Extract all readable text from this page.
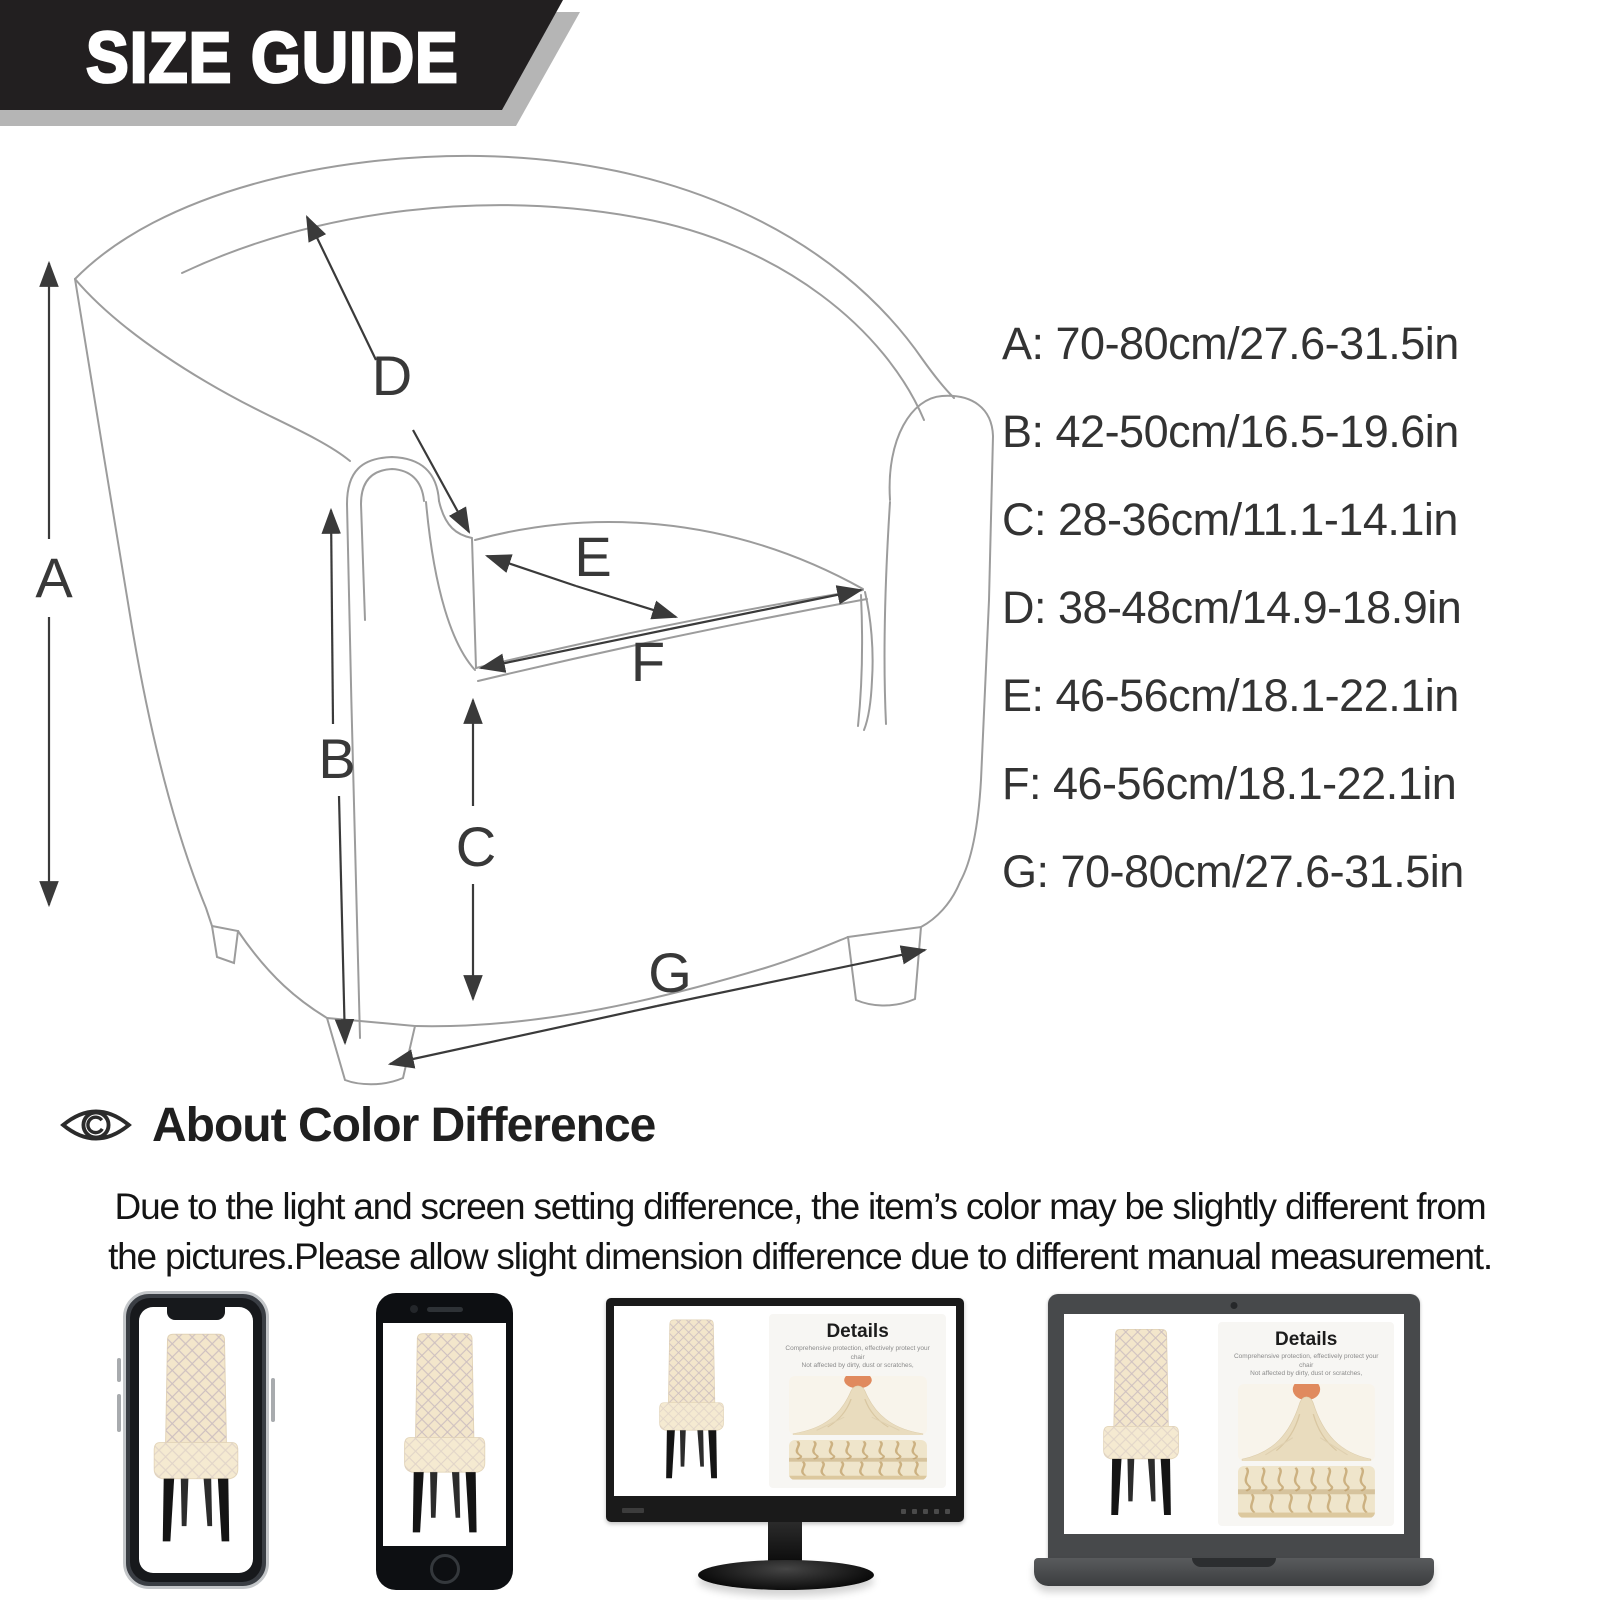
SIZE GUIDE
A
B
C
D
E
F
G
A: 70-80cm/27.6-31.5in
B: 42-50cm/16.5-19.6in
C: 28-36cm/11.1-14.1in
D: 38-48cm/14.9-18.9in
E: 46-56cm/18.1-22.1in
F: 46-56cm/18.1-22.1in
G: 70-80cm/27.6-31.5in
About Color Difference
Due to the light and screen setting difference, the item’s color may be slightly different from
the pictures.Please allow slight dimension difference due to different manual measurement.
Details
Comprehensive protection, effectively protect your chair
Not affected by dirty, dust or scratches,
Details
Comprehensive protection, effectively protect your chair
Not affected by dirty, dust or scratches,
